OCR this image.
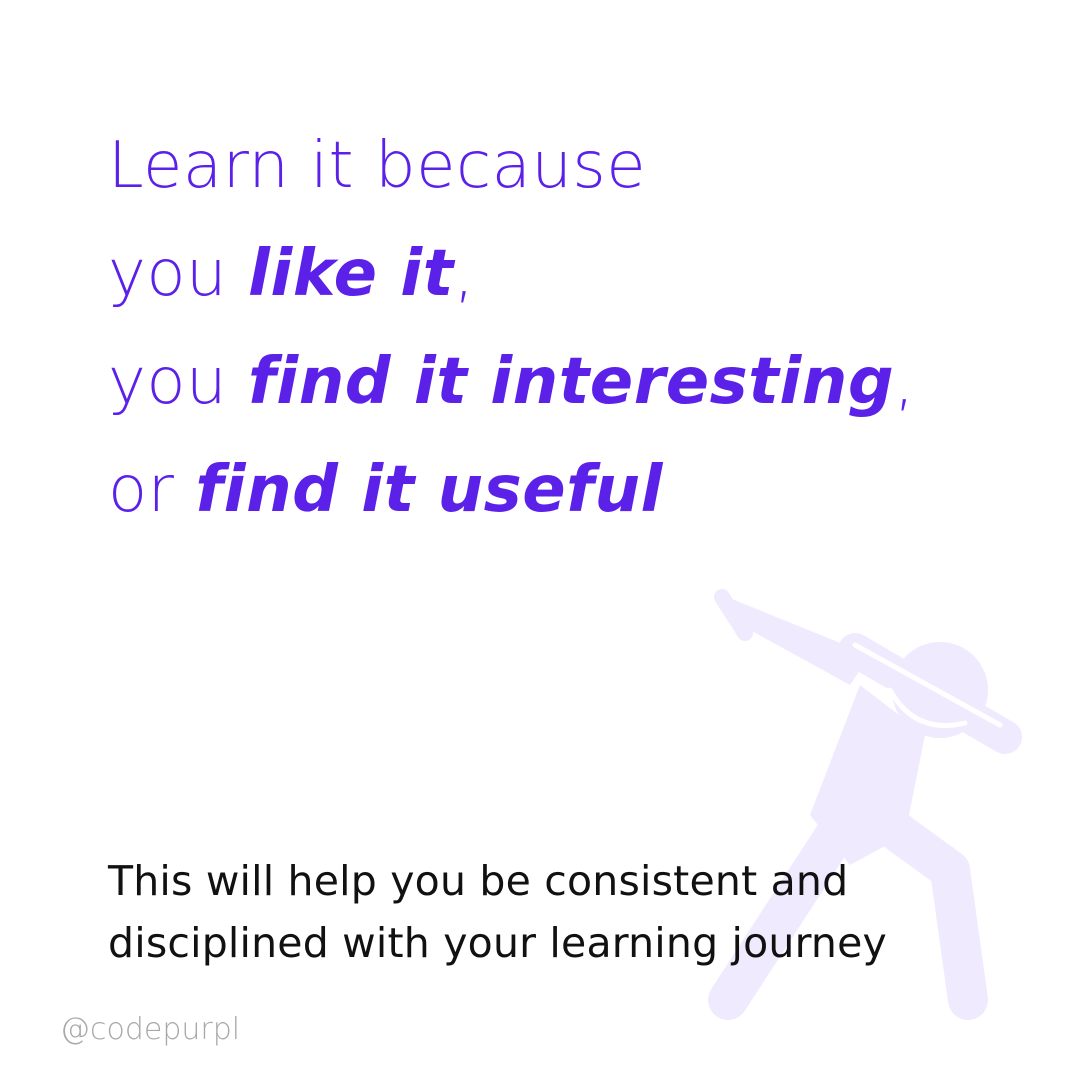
Learn it because
you like it,
you find it interesting,
or find it useful
This will help you be consistent and
disciplined with your learning journey
@codepurpl
